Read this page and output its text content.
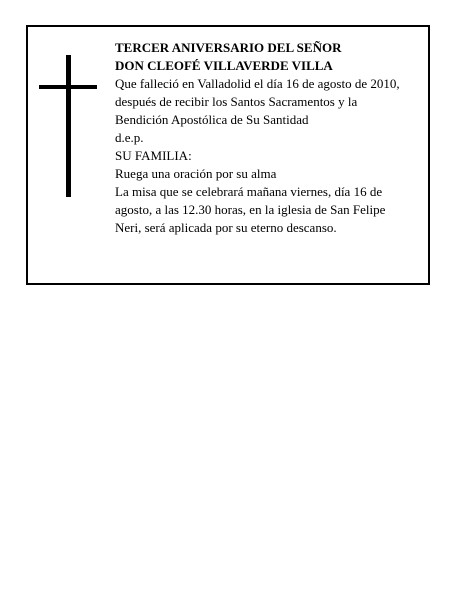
TERCER ANIVERSARIO DEL SEÑOR
DON CLEOFÉ VILLAVERDE VILLA
Que falleció en Valladolid el día 16 de agosto de 2010,
después de recibir los Santos Sacramentos y la
Bendición Apostólica de Su Santidad
d.e.p.
SU FAMILIA:
Ruega una oración por su alma
La misa que se celebrará mañana viernes, día 16 de
agosto, a las 12.30 horas, en la iglesia de San Felipe
Neri, será aplicada por su eterno descanso.
